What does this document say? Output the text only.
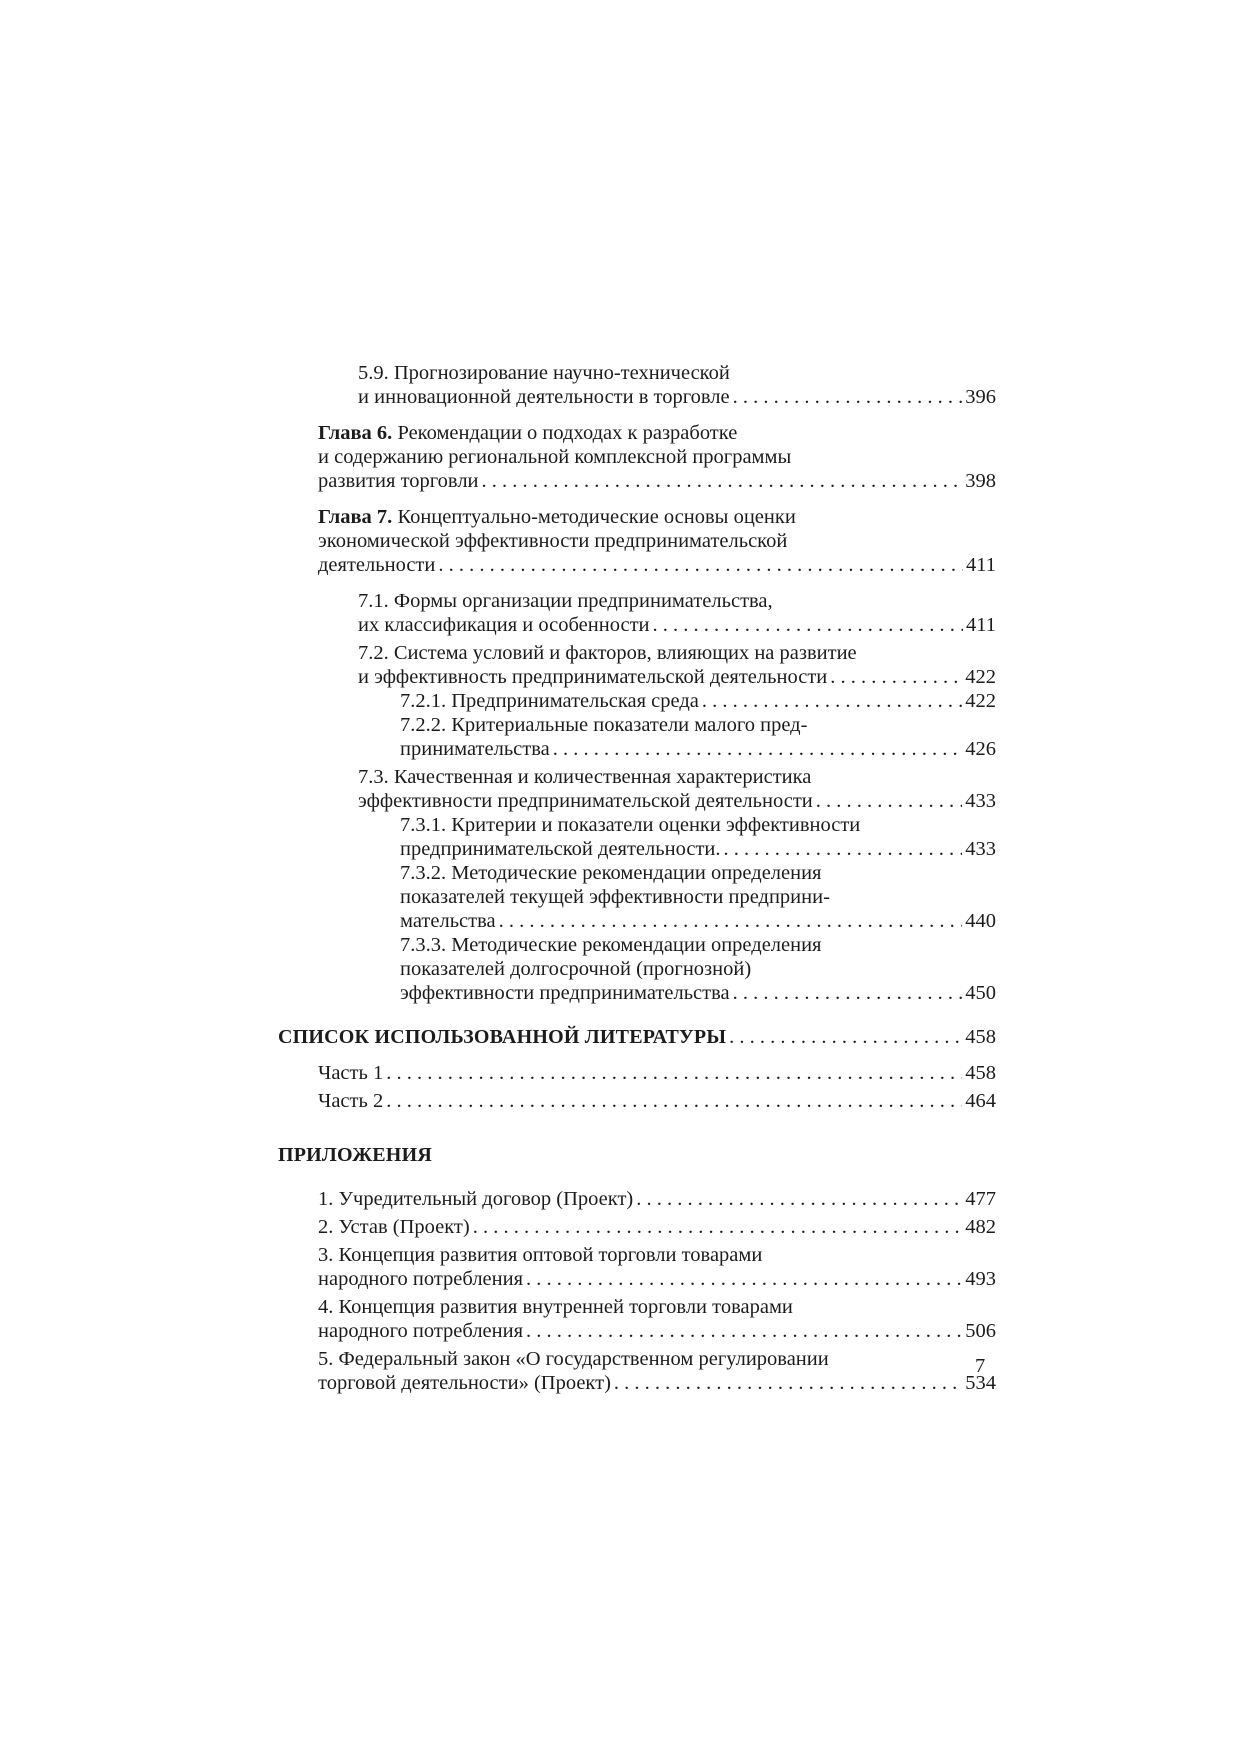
5.9. Прогнозирование научно-технической
и инновационной деятельности в торговле . . .	396
Глава 6. Рекомендации о подходах к разработке
и содержанию региональной комплексной программы
развития торговли . . .	398
Глава 7. Концептуально-методические основы оценки
экономической эффективности предпринимательской
деятельности . . .	411
7.1. Формы организации предпринимательства,
их классификация и особенности . . .	411
7.2. Система условий и факторов, влияющих на развитие
и эффективность предпринимательской деятельности . . .	422
7.2.1. Предпринимательская среда . . .	422
7.2.2. Критериальные показатели малого пред-
принимательства . . .	426
7.3. Качественная и количественная характеристика
эффективности предпринимательской деятельности . . .	433
7.3.1. Критерии и показатели оценки эффективности
предпринимательской деятельности. . . .	433
7.3.2. Методические рекомендации определения
показателей текущей эффективности предприни-
мательства . . .	440
7.3.3. Методические рекомендации определения
показателей долгосрочной (прогнозной)
эффективности предпринимательства . . .	450
СПИСОК ИСПОЛЬЗОВАННОЙ ЛИТЕРАТУРЫ . . .	458
Часть 1 . . .	458
Часть 2 . . .	464
ПРИЛОЖЕНИЯ
1. Учредительный договор (Проект) . . .	477
2. Устав (Проект) . . .	482
3. Концепция развития оптовой торговли товарами
народного потребления . . .	493
4. Концепция развития внутренней торговли товарами
народного потребления . . .	506
5. Федеральный закон «О государственном регулировании
торговой деятельности» (Проект) . . .	534
7
